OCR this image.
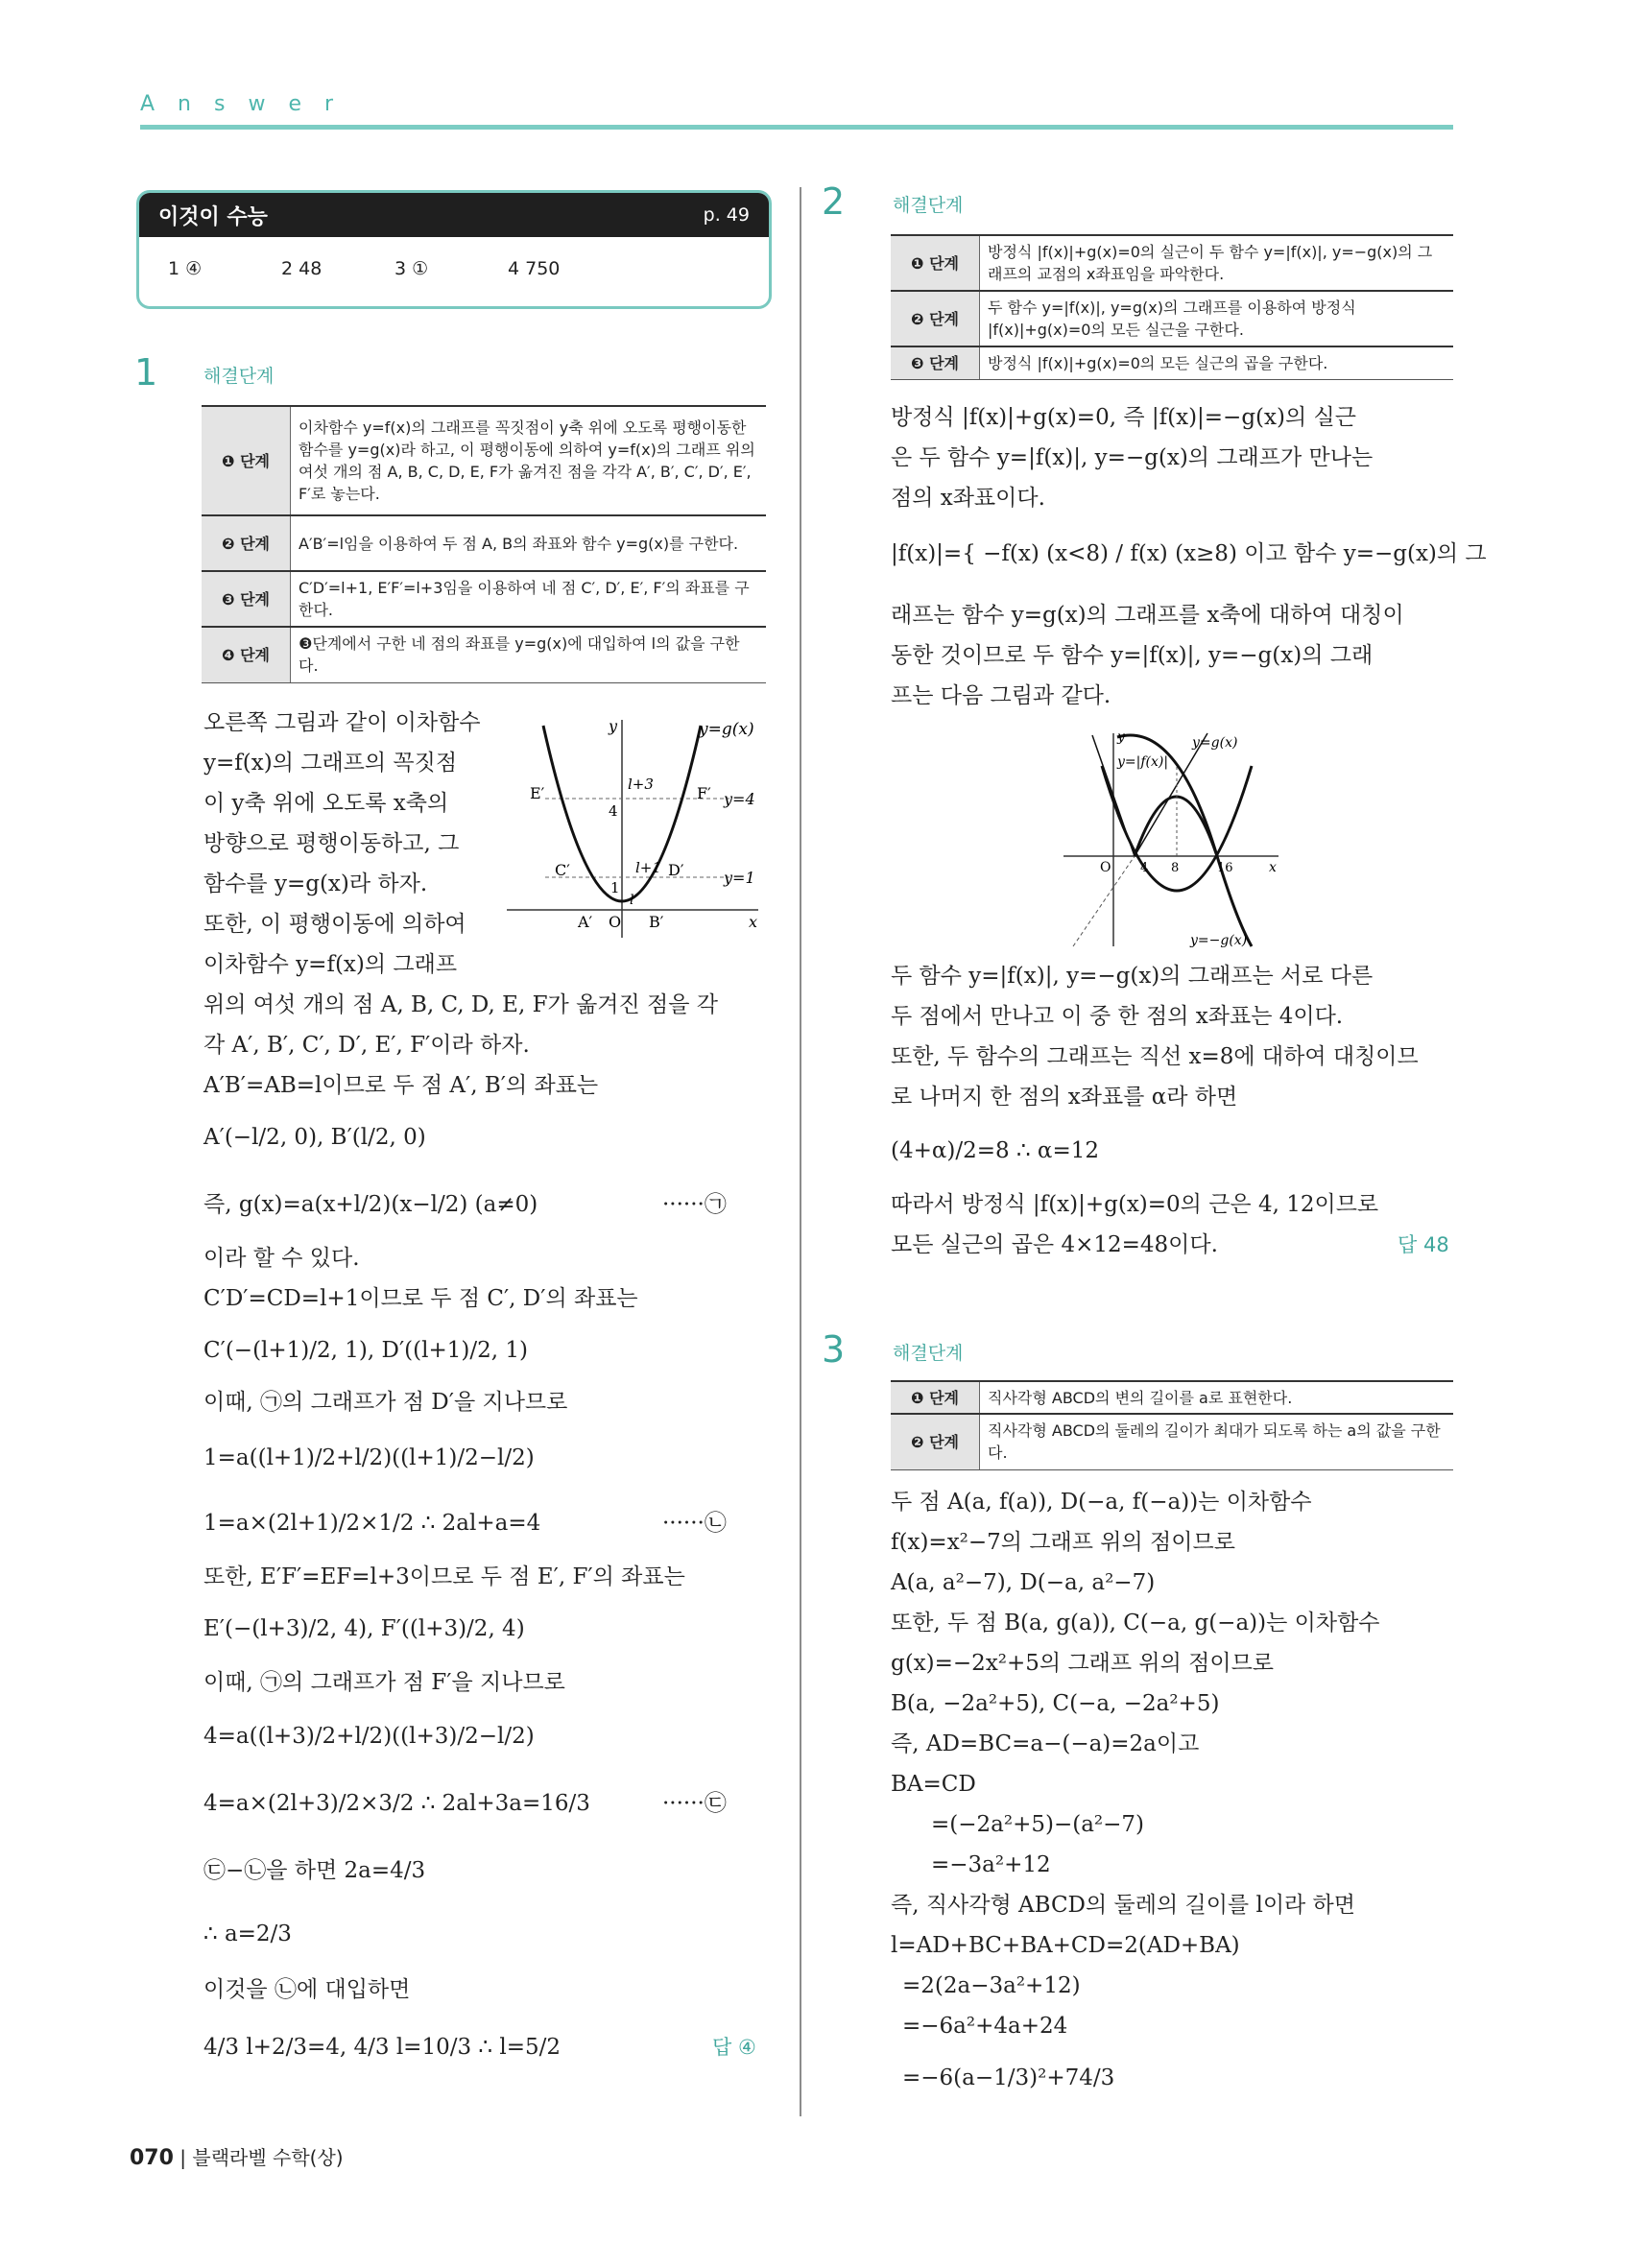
Answer
이것이 수능	p. 49
1 ④	2 48	3 ①	4 750
1	해결단계
❶ 단계	이차함수 y=f(x)의 그래프를 꼭짓점이 y축 위에 오도록 평행이동한 함수를 y=g(x)라 하고, 이 평행이동에 의하여 y=f(x)의 그래프 위의 여섯 개의 점 A, B, C, D, E, F가 옮겨진 점을 각각 A′, B′, C′, D′, E′, F′로 놓는다.
❷ 단계	A′B′=l임을 이용하여 두 점 A, B의 좌표와 함수 y=g(x)를 구한다.
❸ 단계	C′D′=l+1, E′F′=l+3임을 이용하여 네 점 C′, D′, E′, F′의 좌표를 구한다.
❹ 단계	❸단계에서 구한 네 점의 좌표를 y=g(x)에 대입하여 l의 값을 구한다.
오른쪽 그림과 같이 이차함수
y=f(x)의 그래프의 꼭짓점
이 y축 위에 오도록 x축의
방향으로 평행이동하고, 그
함수를 y=g(x)라 하자.
또한, 이 평행이동에 의하여
이차함수 y=f(x)의 그래프
y=g(x)
y
x
E′	F′
C′	D′
A′	B′
O
l+3
l+1
l
4
1
y=4
y=1
위의 여섯 개의 점 A, B, C, D, E, F가 옮겨진 점을 각
각 A′, B′, C′, D′, E′, F′이라 하자.
A′B′=AB=l이므로 두 점 A′, B′의 좌표는
A′(−l/2, 0), B′(l/2, 0)
즉, g(x)=a(x+l/2)(x−l/2) (a≠0)	······㉠
이라 할 수 있다.
C′D′=CD=l+1이므로 두 점 C′, D′의 좌표는
C′(−(l+1)/2, 1), D′((l+1)/2, 1)
이때, ㉠의 그래프가 점 D′을 지나므로
1=a((l+1)/2+l/2)((l+1)/2−l/2)
1=a×(2l+1)/2×1/2 ∴ 2al+a=4	······㉡
또한, E′F′=EF=l+3이므로 두 점 E′, F′의 좌표는
E′(−(l+3)/2, 4), F′((l+3)/2, 4)
이때, ㉠의 그래프가 점 F′을 지나므로
4=a((l+3)/2+l/2)((l+3)/2−l/2)
4=a×(2l+3)/2×3/2 ∴ 2al+3a=16/3	······㉢
㉢−㉡을 하면 2a=4/3
∴ a=2/3
이것을 ㉡에 대입하면
4/3 l+2/3=4, 4/3 l=10/3 ∴ l=5/2	답 ④
2	해결단계
❶ 단계	방정식 |f(x)|+g(x)=0의 실근이 두 함수 y=|f(x)|, y=−g(x)의 그래프의 교점의 x좌표임을 파악한다.
❷ 단계	두 함수 y=|f(x)|, y=g(x)의 그래프를 이용하여 방정식 |f(x)|+g(x)=0의 모든 실근을 구한다.
❸ 단계	방정식 |f(x)|+g(x)=0의 모든 실근의 곱을 구한다.
방정식 |f(x)|+g(x)=0, 즉 |f(x)|=−g(x)의 실근
은 두 함수 y=|f(x)|, y=−g(x)의 그래프가 만나는
점의 x좌표이다.
|f(x)|={ −f(x) (x<8) / f(x) (x≥8) 이고 함수 y=−g(x)의 그
래프는 함수 y=g(x)의 그래프를 x축에 대하여 대칭이
동한 것이므로 두 함수 y=|f(x)|, y=−g(x)의 그래
프는 다음 그림과 같다.
y
x
O 4 8	16
y=g(x)
y=|f(x)|
y=−g(x)
두 함수 y=|f(x)|, y=−g(x)의 그래프는 서로 다른
두 점에서 만나고 이 중 한 점의 x좌표는 4이다.
또한, 두 함수의 그래프는 직선 x=8에 대하여 대칭이므
로 나머지 한 점의 x좌표를 α라 하면
(4+α)/2=8 ∴ α=12
따라서 방정식 |f(x)|+g(x)=0의 근은 4, 12이므로
모든 실근의 곱은 4×12=48이다.	답 48
3	해결단계
❶ 단계	직사각형 ABCD의 변의 길이를 a로 표현한다.
❷ 단계	직사각형 ABCD의 둘레의 길이가 최대가 되도록 하는 a의 값을 구한다.
두 점 A(a, f(a)), D(−a, f(−a))는 이차함수
f(x)=x²−7의 그래프 위의 점이므로
A(a, a²−7), D(−a, a²−7)
또한, 두 점 B(a, g(a)), C(−a, g(−a))는 이차함수
g(x)=−2x²+5의 그래프 위의 점이므로
B(a, −2a²+5), C(−a, −2a²+5)
즉, AD=BC=a−(−a)=2a이고
BA=CD
=(−2a²+5)−(a²−7)
=−3a²+12
즉, 직사각형 ABCD의 둘레의 길이를 l이라 하면
l=AD+BC+BA+CD=2(AD+BA)
=2(2a−3a²+12)
=−6a²+4a+24
=−6(a−1/3)²+74/3
070 | 블랙라벨 수학(상)
